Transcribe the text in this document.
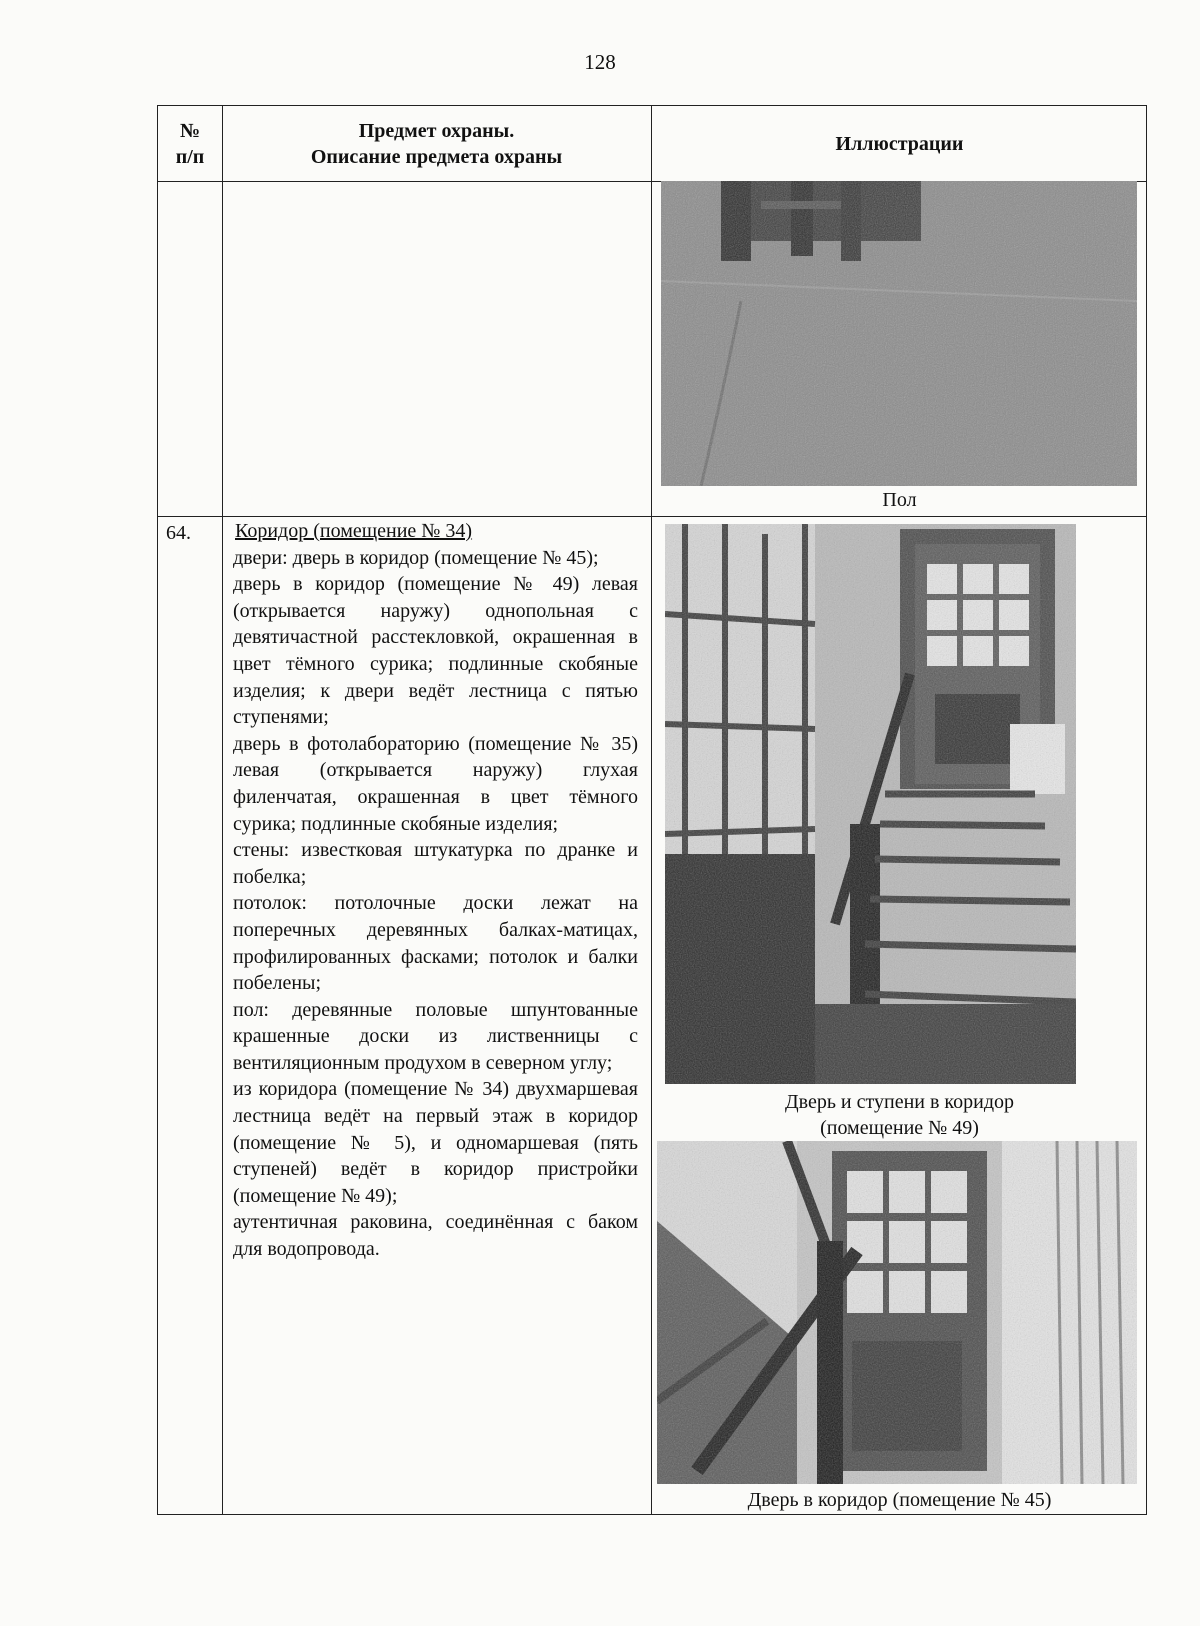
128
№
п/п
Предмет охраны.
Описание предмета охраны
Иллюстрации
Пол
64.
Дверь и ступени в коридор
(помещение № 49)
Дверь в коридор (помещение № 45)
Коридор (помещение № 34)
двери: дверь в коридор (помещение № 45);
дверь в коридор (помещение № 49) левая (открывается наружу) однопольная с девятичастной расстекловкой, окрашенная в цвет тёмного сурика; подлинные скобяные изделия; к двери ведёт лестница с пятью ступенями;
дверь в фотолабораторию (помещение № 35) левая (открывается наружу) глухая филенчатая, окрашенная в цвет тёмного сурика; подлинные скобяные изделия;
стены: известковая штукатурка по дранке и побелка;
потолок: потолочные доски лежат на поперечных деревянных балках-матицах, профилированных фасками; потолок и балки побелены;
пол: деревянные половые шпунтованные крашенные доски из лиственницы с вентиляционным продухом в северном углу;
из коридора (помещение № 34) двухмаршевая лестница ведёт на первый этаж в коридор (помещение № 5), и одномаршевая (пять ступеней) ведёт в коридор пристройки (помещение № 49);
аутентичная раковина, соединённая с баком для водопровода.
